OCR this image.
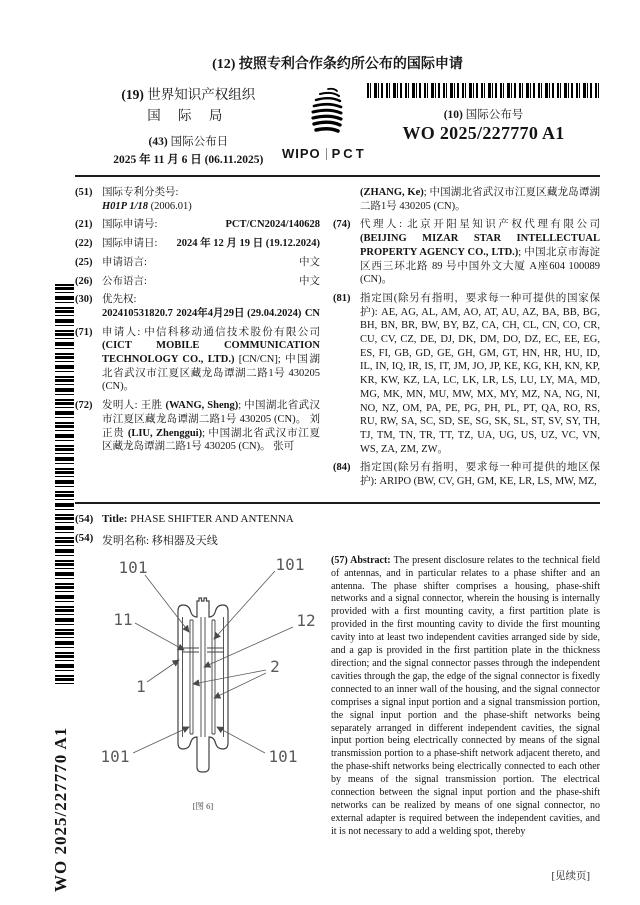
WO 2025/227770 A1
(12) 按照专利合作条约所公布的国际申请
(19) 世界知识产权组织
国 际 局
(43) 国际公布日
2025 年 11 月 6 日 (06.11.2025)	WIPO PCT
(10) 国际公布号
WO 2025/227770 A1
(51) 国际专利分类号:
H01P 1/18 (2006.01)
(21) 国际申请号:	PCT/CN2024/140628
(22) 国际申请日: 2024 年 12 月 19 日 (19.12.2024)
(25) 申请语言:	中文
(26) 公布语言:	中文
(30) 优先权:
202410531820.7 2024年4月29日 (29.04.2024) CN
(71) 申请人: 中信科移动通信技术股份有限公司 (CICT MOBILE COMMUNICATION TECHNOLOGY CO., LTD.) [CN/CN]; 中国湖北省武汉市江夏区藏龙岛谭湖二路1号 430205 (CN)。
(72) 发明人: 王胜 (WANG, Sheng); 中国湖北省武汉市江夏区藏龙岛谭湖二路1号 430205 (CN)。 刘正贵 (LIU, Zhenggui); 中国湖北省武汉市江夏区藏龙岛谭湖二路1号 430205 (CN)。 张可
(ZHANG, Ke); 中国湖北省武汉市江夏区藏龙岛谭湖二路1号 430205 (CN)。
(74) 代理人: 北京开阳星知识产权代理有限公司 (BEIJING MIZAR STAR INTELLECTUAL PROPERTY AGENCY CO., LTD.); 中国北京市海淀区西三环北路 89 号中国外文大厦 A座604 100089 (CN)。
(81) 指定国(除另有指明，要求每一种可提供的国家保护): AE, AG, AL, AM, AO, AT, AU, AZ, BA, BB, BG, BH, BN, BR, BW, BY, BZ, CA, CH, CL, CN, CO, CR, CU, CV, CZ, DE, DJ, DK, DM, DO, DZ, EC, EE, EG, ES, FI, GB, GD, GE, GH, GM, GT, HN, HR, HU, ID, IL, IN, IQ, IR, IS, IT, JM, JO, JP, KE, KG, KH, KN, KP, KR, KW, KZ, LA, LC, LK, LR, LS, LU, LY, MA, MD, MG, MK, MN, MU, MW, MX, MY, MZ, NA, NG, NI, NO, NZ, OM, PA, PE, PG, PH, PL, PT, QA, RO, RS, RU, RW, SA, SC, SD, SE, SG, SK, SL, ST, SV, SY, TH, TJ, TM, TN, TR, TT, TZ, UA, UG, US, UZ, VC, VN, WS, ZA, ZM, ZW。
(84) 指定国(除另有指明，要求每一种可提供的地区保护): ARIPO (BW, CV, GH, GM, KE, LR, LS, MW, MZ,
(54) Title: PHASE SHIFTER AND ANTENNA
(54) 发明名称: 移相器及天线
101	101
11	12
1
2
101	101
[图 6]
(57) Abstract: The present disclosure relates to the technical field of antennas, and in particular relates to a phase shifter and an antenna. The phase shifter comprises a housing, phase-shift networks and a signal connector, wherein the housing is internally provided with a first mounting cavity, a first partition plate is provided in the first mounting cavity to divide the first mounting cavity into at least two independent cavities arranged side by side, and a gap is provided in the first partition plate in the thickness direction; and the signal connector passes through the independent cavities through the gap, the edge of the signal connector is fixedly connected to an inner wall of the housing, and the signal connector comprises a signal input portion and a signal transmission portion, the signal input portion and the phase-shift networks being separately arranged in different independent cavities, the signal input portion being electrically connected by means of the signal transmission portion to a phase-shift network adjacent thereto, and the phase-shift networks being electrically connected to each other by means of the signal transmission portion. The electrical connection between the signal input portion and the phase-shift networks can be realized by means of one signal connector, no external adapter is required between the independent cavities, and it is not necessary to add a welding spot, thereby
[见续页]
